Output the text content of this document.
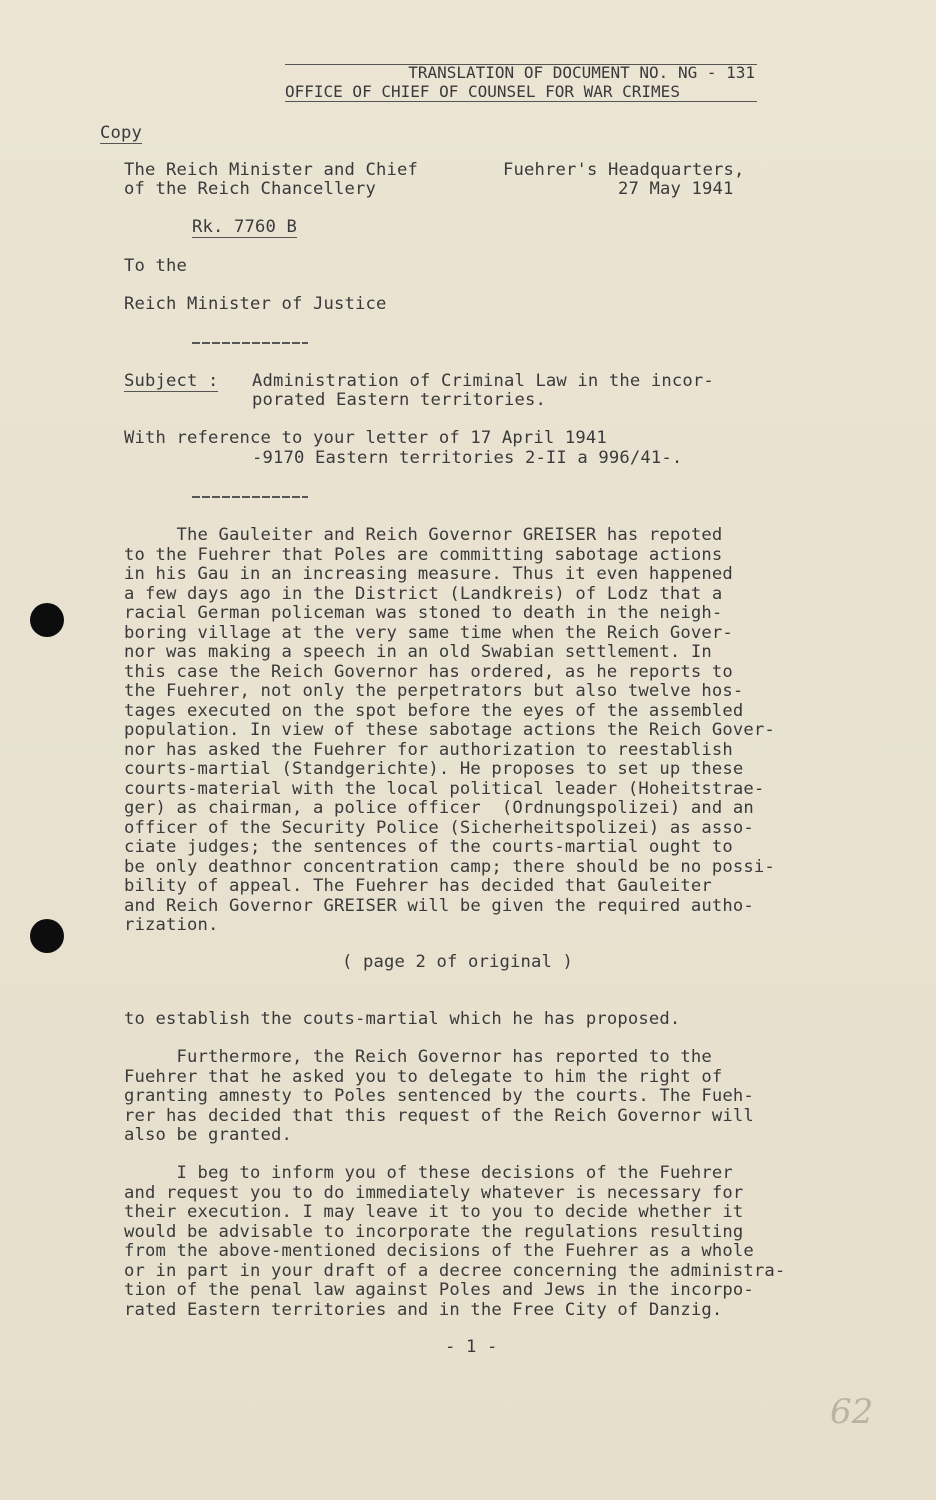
TRANSLATION OF DOCUMENT NO. NG - 131
OFFICE OF CHIEF OF COUNSEL FOR WAR CRIMES
Copy
The Reich Minister and Chief
of the Reich Chancellery
Fuehrer's Headquarters,
27 May 1941
Rk. 7760 B
To the
Reich Minister of Justice
Subject : Administration of Criminal Law in the incor-
porated Eastern territories.
With reference to your letter of 17 April 1941
-9170 Eastern territories 2-II a 996/41-.
The Gauleiter and Reich Governor GREISER has repoted
to the Fuehrer that Poles are committing sabotage actions
in his Gau in an increasing measure. Thus it even happened
a few days ago in the District (Landkreis) of Lodz that a
racial German policeman was stoned to death in the neigh-
boring village at the very same time when the Reich Gover-
nor was making a speech in an old Swabian settlement. In
this case the Reich Governor has ordered, as he reports to
the Fuehrer, not only the perpetrators but also twelve hos-
tages executed on the spot before the eyes of the assembled
population. In view of these sabotage actions the Reich Gover-
nor has asked the Fuehrer for authorization to reestablish
courts-martial (Standgerichte). He proposes to set up these
courts-material with the local political leader (Hoheitstrae-
ger) as chairman, a police officer  (Ordnungspolizei) and an
officer of the Security Police (Sicherheitspolizei) as asso-
ciate judges; the sentences of the courts-martial ought to
be only deathnor concentration camp; there should be no possi-
bility of appeal. The Fuehrer has decided that Gauleiter
and Reich Governor GREISER will be given the required autho-
rization.
( page 2 of original )
to establish the couts-martial which he has proposed.
Furthermore, the Reich Governor has reported to the
Fuehrer that he asked you to delegate to him the right of
granting amnesty to Poles sentenced by the courts. The Fueh-
rer has decided that this request of the Reich Governor will
also be granted.
I beg to inform you of these decisions of the Fuehrer
and request you to do immediately whatever is necessary for
their execution. I may leave it to you to decide whether it
would be advisable to incorporate the regulations resulting
from the above-mentioned decisions of the Fuehrer as a whole
or in part in your draft of a decree concerning the administra-
tion of the penal law against Poles and Jews in the incorpo-
rated Eastern territories and in the Free City of Danzig.
- 1 -
62
